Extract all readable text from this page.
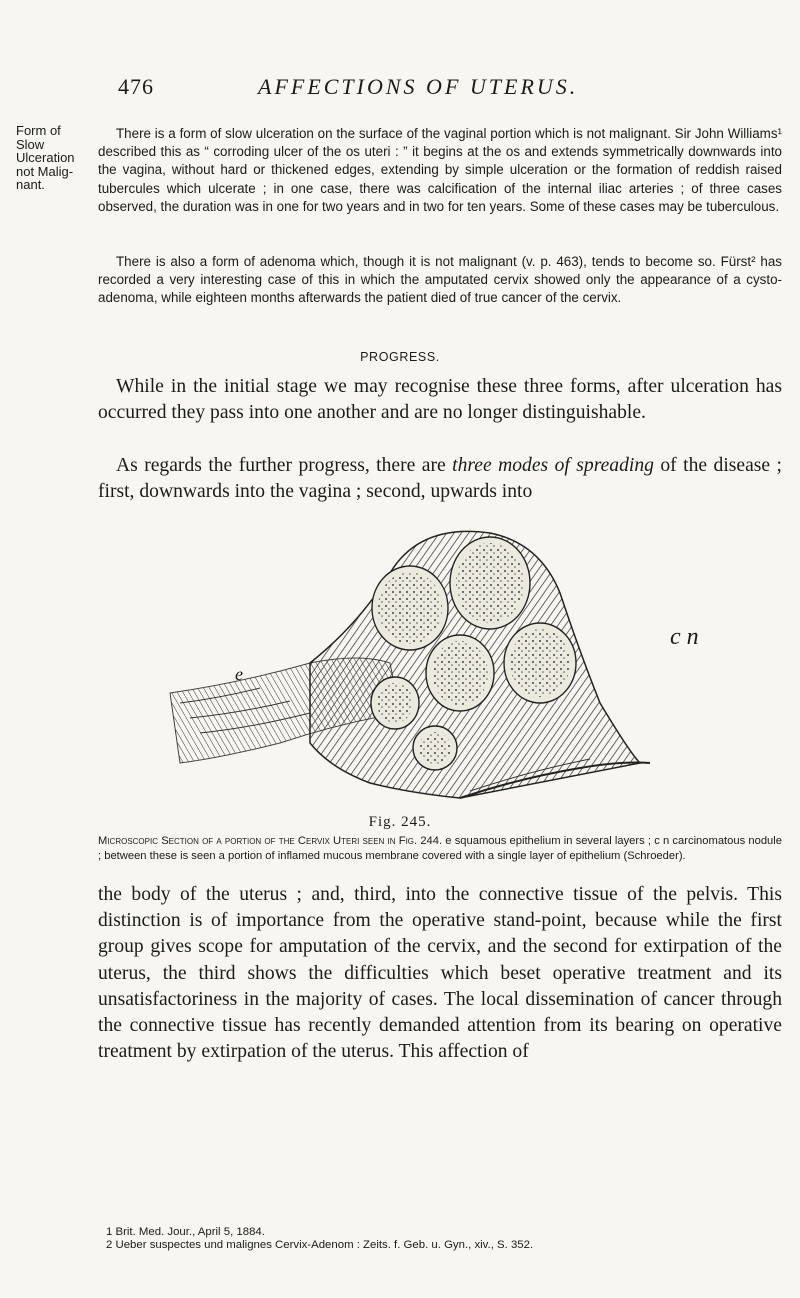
476	AFFECTIONS OF UTERUS.
Form of Slow Ulceration not Malig-nant.

There is a form of slow ulceration on the surface of the vaginal portion which is not malignant. Sir John Williams¹ described this as “ corroding ulcer of the os uteri : ” it begins at the os and extends symmetrically downwards into the vagina, without hard or thickened edges, extending by simple ulceration or the formation of reddish raised tubercules which ulcerate ; in one case, there was calcification of the internal iliac arteries ; of three cases observed, the duration was in one for two years and in two for ten years. Some of these cases may be tuberculous.

There is also a form of adenoma which, though it is not malignant (v. p. 463), tends to become so. Fürst² has recorded a very interesting case of this in which the amputated cervix showed only the appearance of a cysto-adenoma, while eighteen months afterwards the patient died of true cancer of the cervix.

PROGRESS.

While in the initial stage we may recognise these three forms, after ulceration has occurred they pass into one another and are no longer distinguishable.

As regards the further progress, there are three modes of spreading of the disease ; first, downwards into the vagina ; second, upwards into

e
c n
Fig. 245.

Microscopic Section of a portion of the Cervix Uteri seen in Fig. 244. e squamous epithelium in several layers ; c n carcinomatous nodule ; between these is seen a portion of inflamed mucous membrane covered with a single layer of epithelium (Schroeder).

the body of the uterus ; and, third, into the connective tissue of the pelvis. This distinction is of importance from the operative stand-point, because while the first group gives scope for amputation of the cervix, and the second for extirpation of the uterus, the third shows the difficulties which beset operative treatment and its unsatisfactoriness in the majority of cases. The local dissemination of cancer through the connective tissue has recently demanded attention from its bearing on operative treatment by extirpation of the uterus. This affection of

1 Brit. Med. Jour., April 5, 1884.
2 Ueber suspectes und malignes Cervix-Adenom : Zeits. f. Geb. u. Gyn., xiv., S. 352.
